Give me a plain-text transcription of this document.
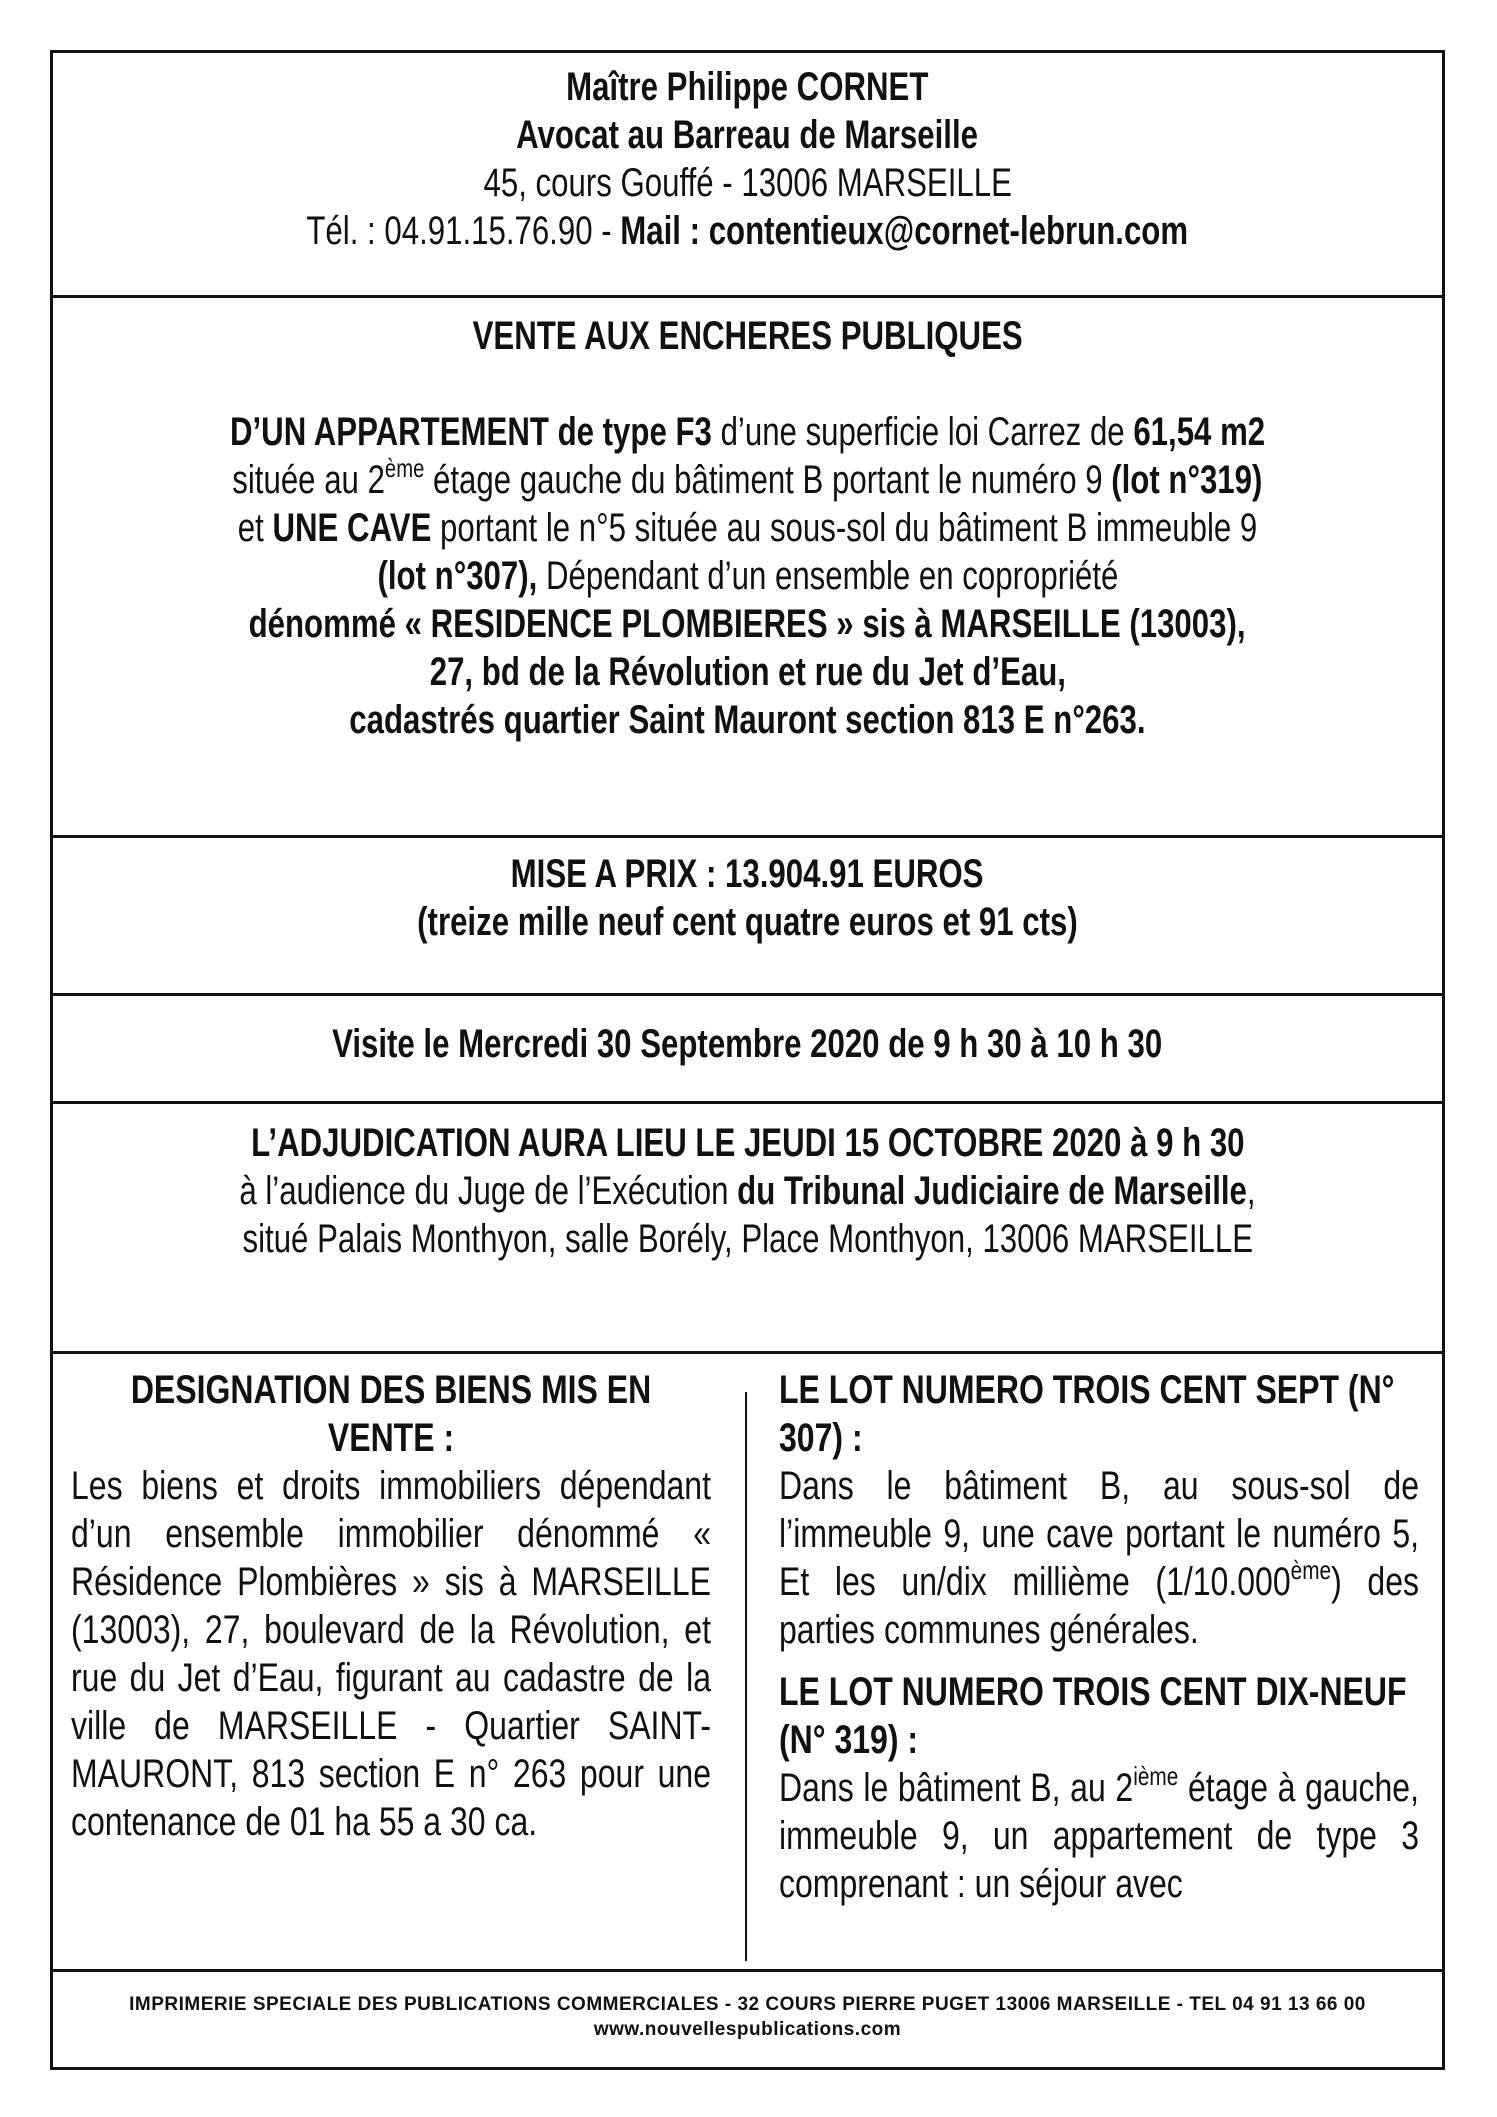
Maître Philippe CORNET
Avocat au Barreau de Marseille
45, cours Gouffé - 13006 MARSEILLE
Tél. : 04.91.15.76.90 - Mail : contentieux@cornet-lebrun.com
VENTE AUX ENCHERES PUBLIQUES
D’UN APPARTEMENT de type F3 d’une superficie loi Carrez de 61,54 m2
située au 2ème étage gauche du bâtiment B portant le numéro 9 (lot n°319)
et UNE CAVE portant le n°5 située au sous-sol du bâtiment B immeuble 9
(lot n°307), Dépendant d’un ensemble en copropriété
dénommé « RESIDENCE PLOMBIERES » sis à MARSEILLE (13003),
27, bd de la Révolution et rue du Jet d’Eau,
cadastrés quartier Saint Mauront section 813 E n°263.
MISE A PRIX : 13.904.91 EUROS
(treize mille neuf cent quatre euros et 91 cts)
Visite le Mercredi 30 Septembre 2020 de 9 h 30 à 10 h 30
L’ADJUDICATION AURA LIEU LE JEUDI 15 OCTOBRE 2020 à 9 h 30
à l’audience du Juge de l’Exécution du Tribunal Judiciaire de Marseille,
situé Palais Monthyon, salle Borély, Place Monthyon, 13006 MARSEILLE
DESIGNATION DES BIENS MIS EN
VENTE :
Les biens et droits immobiliers dépendant d’un ensemble immobilier dénommé « Résidence Plombières » sis à MARSEILLE (13003), 27, boulevard de la Révolution, et rue du Jet d’Eau, figurant au cadastre de la ville de MARSEILLE - Quartier SAINT-MAURONT, 813 section E n° 263 pour une contenance de 01 ha 55 a 30 ca.
LE LOT NUMERO TROIS CENT SEPT (N° 307) :
Dans le bâtiment B, au sous-sol de l’immeuble 9, une cave portant le numéro 5, Et les un/dix millième (1/10.000ème) des parties communes générales.
LE LOT NUMERO TROIS CENT DIX-NEUF (N° 319) :
Dans le bâtiment B, au 2ième étage à gauche, immeuble 9, un appartement de type 3 comprenant : un séjour avec
IMPRIMERIE SPECIALE DES PUBLICATIONS COMMERCIALES - 32 COURS PIERRE PUGET 13006 MARSEILLE - TEL 04 91 13 66 00
www.nouvellespublications.com
